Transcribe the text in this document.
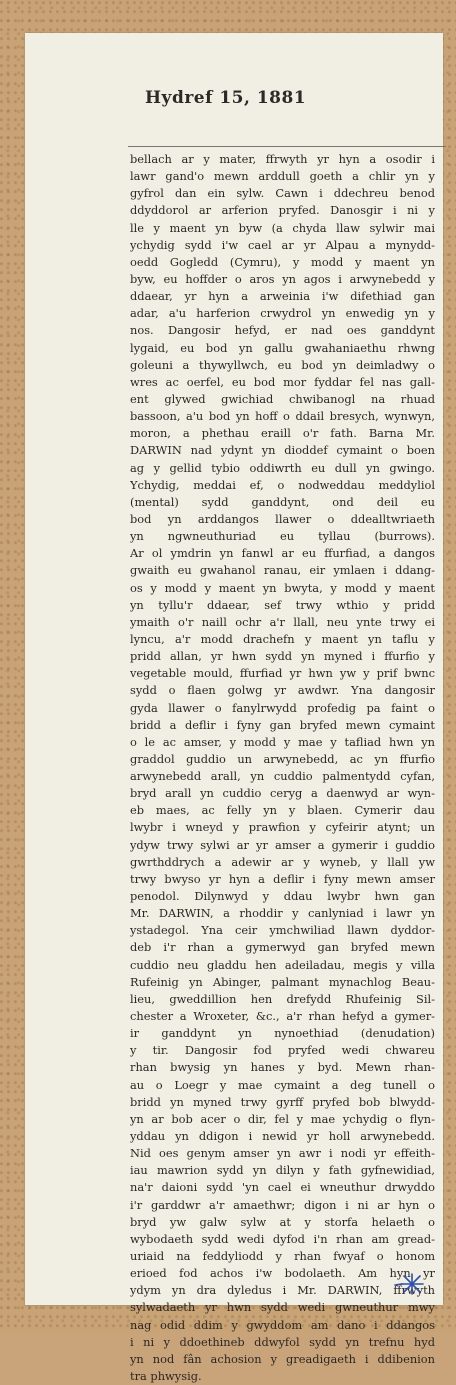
Hydref 15, 1881
bellach ar y mater, ffrwyth yr hyn a osodir i
lawr gand'o mewn arddull goeth a chlir yn y
gyfrol dan ein sylw. Cawn i ddechreu benod
ddyddorol ar arferion pryfed. Danosgir i ni y
lle y maent yn byw (a chyda llaw sylwir mai
ychydig sydd i'w cael ar yr Alpau a mynydd-
oedd Gogledd (Cymru), y modd y maent yn
byw, eu hoffder o aros yn agos i arwynebedd y
ddaear, yr hyn a arweinia i'w difethiad gan
adar, a'u harferion crwydrol yn enwedig yn y
nos. Dangosir hefyd, er nad oes ganddynt
lygaid, eu bod yn gallu gwahaniaethu rhwng
goleuni a thywyllwch, eu bod yn deimladwy o
wres ac oerfel, eu bod mor fyddar fel nas gall-
ent glywed gwichiad chwibanogl na rhuad
bassoon, a'u bod yn hoff o ddail bresych, wynwyn,
moron, a phethau eraill o'r fath. Barna Mr.
DARWIN nad ydynt yn dioddef cymaint o boen
ag y gellid tybio oddiwrth eu dull yn gwingo.
Ychydig, meddai ef, o nodweddau meddyliol
(mental) sydd ganddynt, ond deil eu
bod yn arddangos llawer o ddealltwriaeth
yn ngwneuthuriad eu tyllau (burrows).
Ar ol ymdrin yn fanwl ar eu ffurfiad, a dangos
gwaith eu gwahanol ranau, eir ymlaen i ddang-
os y modd y maent yn bwyta, y modd y maent
yn tyllu'r ddaear, sef trwy wthio y pridd
ymaith o'r naill ochr a'r llall, neu ynte trwy ei
lyncu, a'r modd drachefn y maent yn taflu y
pridd allan, yr hwn sydd yn myned i ffurfio y
vegetable mould, ffurfiad yr hwn yw y prif bwnc
sydd o flaen golwg yr awdwr. Yna dangosir
gyda llawer o fanylrwydd profedig pa faint o
bridd a deflir i fyny gan bryfed mewn cymaint
o le ac amser, y modd y mae y tafliad hwn yn
graddol guddio un arwynebedd, ac yn ffurfio
arwynebedd arall, yn cuddio palmentydd cyfan,
bryd arall yn cuddio ceryg a daenwyd ar wyn-
eb maes, ac felly yn y blaen. Cymerir dau
lwybr i wneyd y prawfion y cyfeirir atynt; un
ydyw trwy sylwi ar yr amser a gymerir i guddio
gwrthddrych a adewir ar y wyneb, y llall yw
trwy bwyso yr hyn a deflir i fyny mewn amser
penodol. Dilynwyd y ddau lwybr hwn gan
Mr. DARWIN, a rhoddir y canlyniad i lawr yn
ystadegol. Yna ceir ymchwiliad llawn dyddor-
deb i'r rhan a gymerwyd gan bryfed mewn
cuddio neu gladdu hen adeiladau, megis y villa
Rufeinig yn Abinger, palmant mynachlog Beau-
lieu, gweddillion hen drefydd Rhufeinig Sil-
chester a Wroxeter, &c., a'r rhan hefyd a gymer-
ir ganddynt yn nynoethiad (denudation)
y tir. Dangosir fod pryfed wedi chwareu
rhan bwysig yn hanes y byd. Mewn rhan-
au o Loegr y mae cymaint a deg tunell o
bridd yn myned trwy gyrff pryfed bob blwydd-
yn ar bob acer o dir, fel y mae ychydig o flyn-
yddau yn ddigon i newid yr holl arwynebedd.
Nid oes genym amser yn awr i nodi yr effeith-
iau mawrion sydd yn dilyn y fath gyfnewidiad,
na'r daioni sydd 'yn cael ei wneuthur drwyddo
i'r garddwr a'r amaethwr; digon i ni ar hyn o
bryd yw galw sylw at y storfa helaeth o
wybodaeth sydd wedi dyfod i'n rhan am gread-
uriaid na feddyliodd y rhan fwyaf o honom
erioed fod achos i'w bodolaeth. Am hyn yr
ydym yn dra dyledus i Mr. DARWIN, ffrwyth
sylwadaeth yr hwn sydd wedi gwneuthur mwy
nag odid ddim y gwyddom am dano i ddangos
i ni y ddoethineb ddwyfol sydd yn trefnu hyd
yn nod fân achosion y greadigaeth i ddibenion
tra phwysig.
